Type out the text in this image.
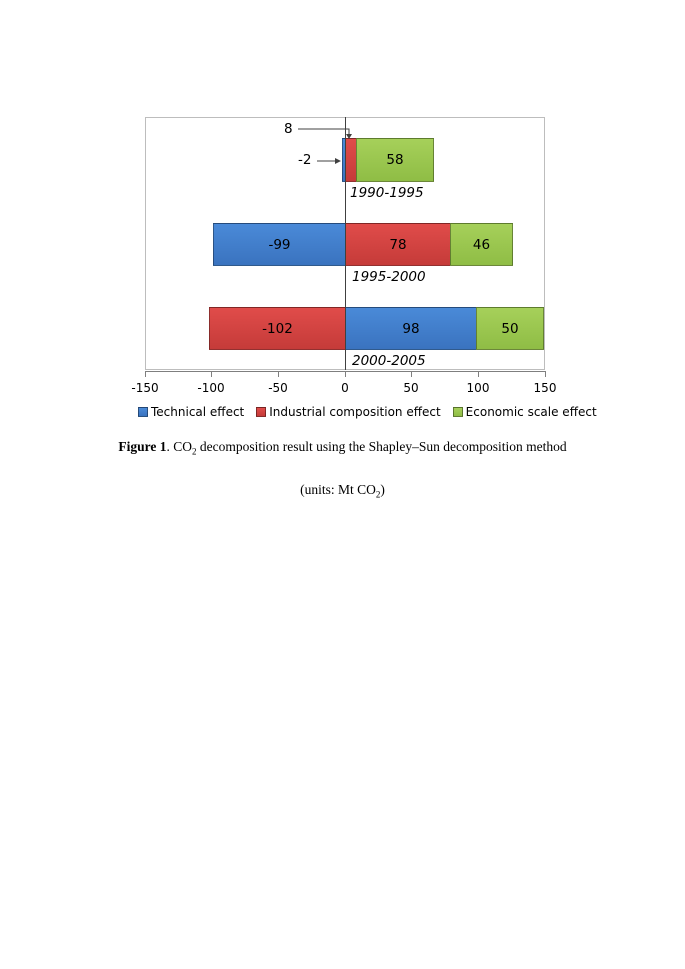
58
1990-1995
8
-2
-99	78	46
1995-2000
-102	98	50
2000-2005
-150	-100	-50	0	50	100	150
Technical effect Industrial composition effect Economic scale effect
Figure 1. $CO_2$ decomposition result using the Shapley–Sun decomposition method
(units: Mt $CO_2$)
